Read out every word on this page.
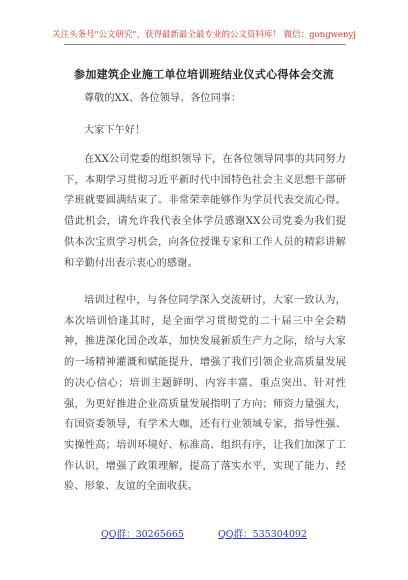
关注头条号"公文研究"，获得最新最全最专业的公文资料库！ 微信：gongwenyj
参加建筑企业施工单位培训班结业仪式心得体会交流

尊敬的XX、各位领导、各位同事：

大家下午好！

在XX公司党委的组织领导下，在各位领导同事的共同努力下，本期学习贯彻习近平新时代中国特色社会主义思想干部研学班就要圆满结束了。非常荣幸能够作为学员代表交流心得。借此机会，请允许我代表全体学员感谢XX公司党委为我们提供本次宝贵学习机会，向各位授课专家和工作人员的精彩讲解和辛勤付出表示衷心的感谢。

培训过程中，与各位同学深入交流研讨，大家一致认为，本次培训恰逢其时，是全面学习贯彻党的二十届三中全会精神，推进深化国企改革，加快发展新质生产力之际，给与大家的一场精神灌溉和赋能提升，增强了我们引领企业高质量发展的决心信心；培训主题鲜明、内容丰富、重点突出、针对性强，为更好推进企业高质量发展指明了方向；师资力量强大，有国资委领导，有学术大咖，还有行业领域专家，指导性强、实操性高；培训环境好、标准高、组织有序，让我们加深了工作认识，增强了政策理解，提高了落实水平，实现了能力、经验、形象、友谊的全面收获。

QQ群：30265665	QQ群：535304092
